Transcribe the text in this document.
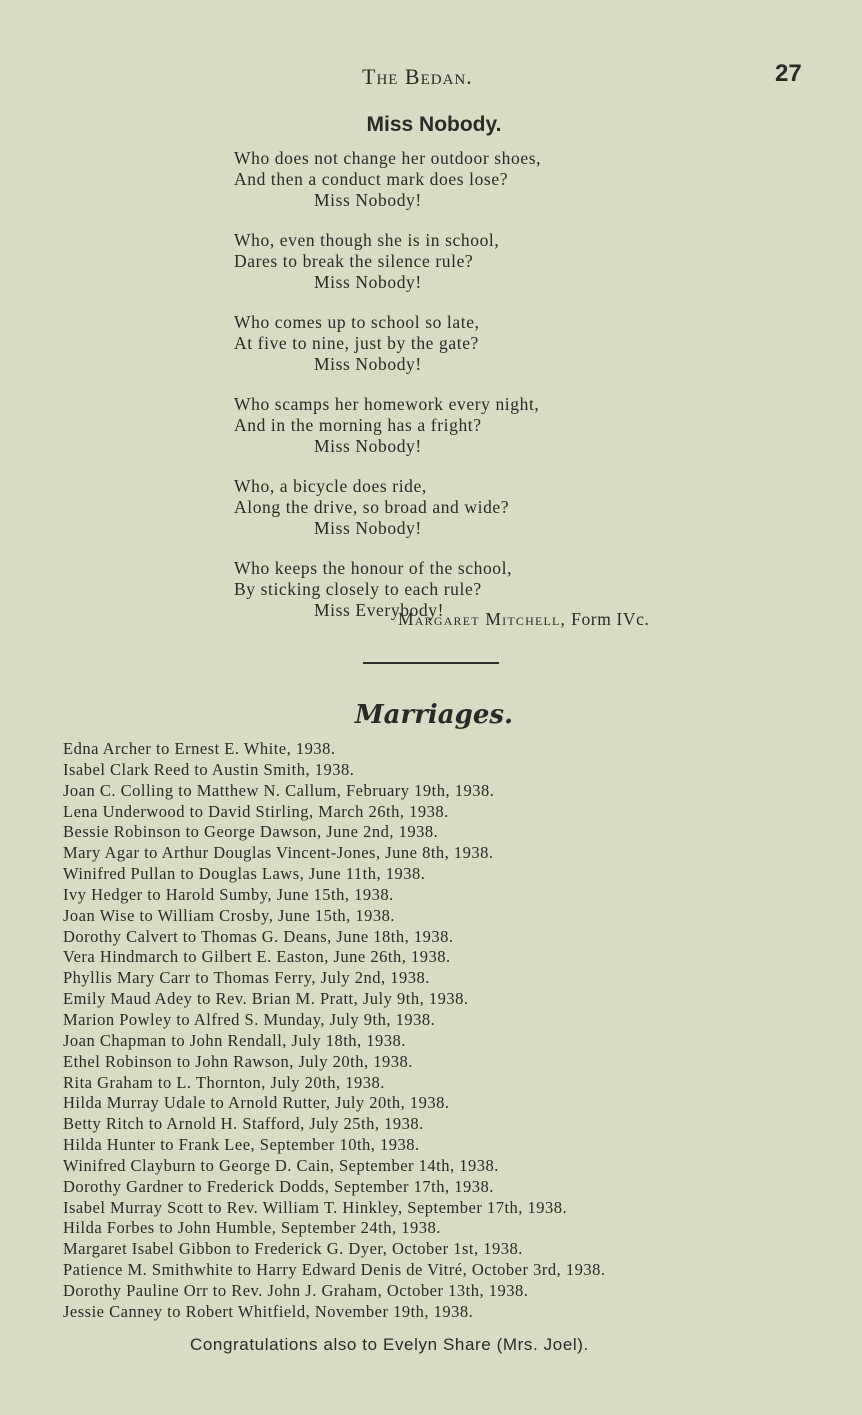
The Bedan.	27
Miss Nobody.
Who does not change her outdoor shoes,
And then a conduct mark does lose?
Miss Nobody!
Who, even though she is in school,
Dares to break the silence rule?
Miss Nobody!
Who comes up to school so late,
At five to nine, just by the gate?
Miss Nobody!
Who scamps her homework every night,
And in the morning has a fright?
Miss Nobody!
Who, a bicycle does ride,
Along the drive, so broad and wide?
Miss Nobody!
Who keeps the honour of the school,
By sticking closely to each rule?
Miss Everybody!
Margaret Mitchell, Form IVc.
Marriages.
Edna Archer to Ernest E. White, 1938.
Isabel Clark Reed to Austin Smith, 1938.
Joan C. Colling to Matthew N. Callum, February 19th, 1938.
Lena Underwood to David Stirling, March 26th, 1938.
Bessie Robinson to George Dawson, June 2nd, 1938.
Mary Agar to Arthur Douglas Vincent-Jones, June 8th, 1938.
Winifred Pullan to Douglas Laws, June 11th, 1938.
Ivy Hedger to Harold Sumby, June 15th, 1938.
Joan Wise to William Crosby, June 15th, 1938.
Dorothy Calvert to Thomas G. Deans, June 18th, 1938.
Vera Hindmarch to Gilbert E. Easton, June 26th, 1938.
Phyllis Mary Carr to Thomas Ferry, July 2nd, 1938.
Emily Maud Adey to Rev. Brian M. Pratt, July 9th, 1938.
Marion Powley to Alfred S. Munday, July 9th, 1938.
Joan Chapman to John Rendall, July 18th, 1938.
Ethel Robinson to John Rawson, July 20th, 1938.
Rita Graham to L. Thornton, July 20th, 1938.
Hilda Murray Udale to Arnold Rutter, July 20th, 1938.
Betty Ritch to Arnold H. Stafford, July 25th, 1938.
Hilda Hunter to Frank Lee, September 10th, 1938.
Winifred Clayburn to George D. Cain, September 14th, 1938.
Dorothy Gardner to Frederick Dodds, September 17th, 1938.
Isabel Murray Scott to Rev. William T. Hinkley, September 17th, 1938.
Hilda Forbes to John Humble, September 24th, 1938.
Margaret Isabel Gibbon to Frederick G. Dyer, October 1st, 1938.
Patience M. Smithwhite to Harry Edward Denis de Vitré, October 3rd, 1938.
Dorothy Pauline Orr to Rev. John J. Graham, October 13th, 1938.
Jessie Canney to Robert Whitfield, November 19th, 1938.
Congratulations also to Evelyn Share (Mrs. Joel).
